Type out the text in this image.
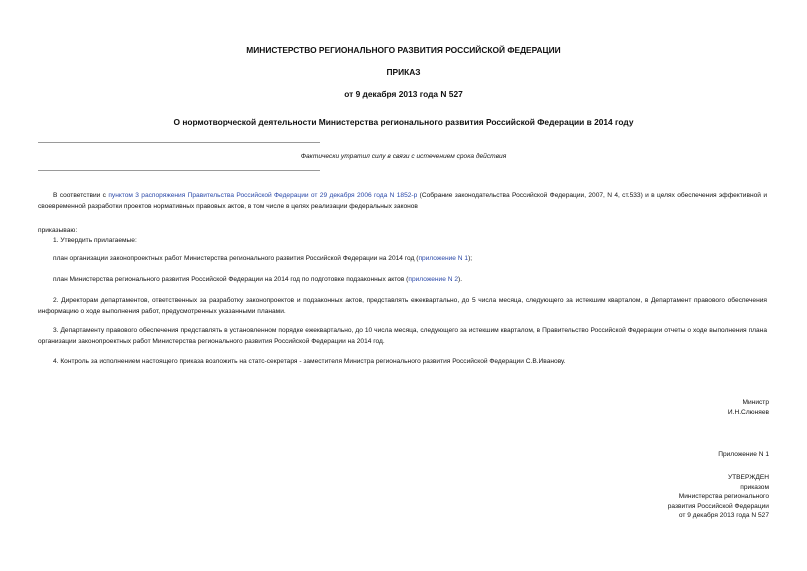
МИНИСТЕРСТВО РЕГИОНАЛЬНОГО РАЗВИТИЯ РОССИЙСКОЙ ФЕДЕРАЦИИ
ПРИКАЗ
от 9 декабря 2013 года N 527
О нормотворческой деятельности Министерства регионального развития Российской Федерации в 2014 году
Фактически утратил силу в связи с истечением срока действия
В соответствии с пунктом 3 распоряжения Правительства Российской Федерации от 29 декабря 2006 года N 1852-р (Собрание законодательства Российской Федерации, 2007, N 4, ст.533) и в целях обеспечения эффективной и своевременной разработки проектов нормативных правовых актов, в том числе в целях реализации федеральных законов
приказываю:
1. Утвердить прилагаемые:
план организации законопроектных работ Министерства регионального развития Российской Федерации на 2014 год (приложение N 1);
план Министерства регионального развития Российской Федерации на 2014 год по подготовке подзаконных актов (приложение N 2).
2. Директорам департаментов, ответственных за разработку законопроектов и подзаконных актов, представлять ежеквартально, до 5 числа месяца, следующего за истекшим кварталом, в Департамент правового обеспечения информацию о ходе выполнения работ, предусмотренных указанными планами.
3. Департаменту правового обеспечения представлять в установленном порядке ежеквартально, до 10 числа месяца, следующего за истекшим кварталом, в Правительство Российской Федерации отчеты о ходе выполнения плана организации законопроектных работ Министерства регионального развития Российской Федерации на 2014 год.
4. Контроль за исполнением настоящего приказа возложить на статс-секретаря - заместителя Министра регионального развития Российской Федерации С.В.Иванову.
Министр
И.Н.Слюняев
Приложение N 1
УТВЕРЖДЕН
приказом
Министерства регионального
развития Российской Федерации
от 9 декабря 2013 года N 527
